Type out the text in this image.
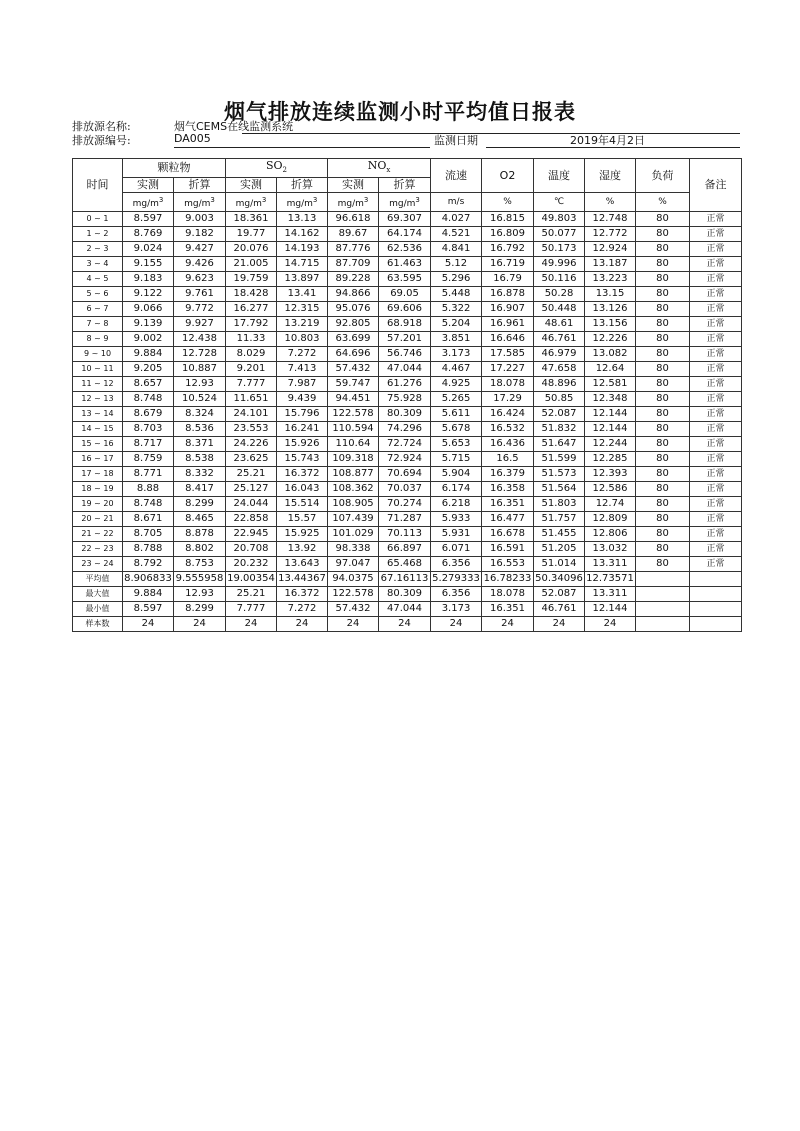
烟气排放连续监测小时平均值日报表
排放源名称:	烟气CEMS在线监测系统
排放源编号:	DA005	监测日期	2019年4月2日
时间	颗粒物		$SO_2$		$NO_x$		流速	O2	温度	湿度	负荷	备注
	实测	折算	实测	折算	实测	折算						
	$mg/m^3$	$mg/m^3$	$mg/m^3$	$mg/m^3$	$mg/m^3$	$mg/m^3$	m/s	%	℃	%	%	
0 ~ 1	8.597	9.003	18.361	13.13	96.618	69.307	4.027	16.815	49.803	12.748	80	正常
1 ~ 2	8.769	9.182	19.77	14.162	89.67	64.174	4.521	16.809	50.077	12.772	80	正常
2 ~ 3	9.024	9.427	20.076	14.193	87.776	62.536	4.841	16.792	50.173	12.924	80	正常
3 ~ 4	9.155	9.426	21.005	14.715	87.709	61.463	5.12	16.719	49.996	13.187	80	正常
4 ~ 5	9.183	9.623	19.759	13.897	89.228	63.595	5.296	16.79	50.116	13.223	80	正常
5 ~ 6	9.122	9.761	18.428	13.41	94.866	69.05	5.448	16.878	50.28	13.15	80	正常
6 ~ 7	9.066	9.772	16.277	12.315	95.076	69.606	5.322	16.907	50.448	13.126	80	正常
7 ~ 8	9.139	9.927	17.792	13.219	92.805	68.918	5.204	16.961	48.61	13.156	80	正常
8 ~ 9	9.002	12.438	11.33	10.803	63.699	57.201	3.851	16.646	46.761	12.226	80	正常
9 ~ 10	9.884	12.728	8.029	7.272	64.696	56.746	3.173	17.585	46.979	13.082	80	正常
10 ~ 11	9.205	10.887	9.201	7.413	57.432	47.044	4.467	17.227	47.658	12.64	80	正常
11 ~ 12	8.657	12.93	7.777	7.987	59.747	61.276	4.925	18.078	48.896	12.581	80	正常
12 ~ 13	8.748	10.524	11.651	9.439	94.451	75.928	5.265	17.29	50.85	12.348	80	正常
13 ~ 14	8.679	8.324	24.101	15.796	122.578	80.309	5.611	16.424	52.087	12.144	80	正常
14 ~ 15	8.703	8.536	23.553	16.241	110.594	74.296	5.678	16.532	51.832	12.144	80	正常
15 ~ 16	8.717	8.371	24.226	15.926	110.64	72.724	5.653	16.436	51.647	12.244	80	正常
16 ~ 17	8.759	8.538	23.625	15.743	109.318	72.924	5.715	16.5	51.599	12.285	80	正常
17 ~ 18	8.771	8.332	25.21	16.372	108.877	70.694	5.904	16.379	51.573	12.393	80	正常
18 ~ 19	8.88	8.417	25.127	16.043	108.362	70.037	6.174	16.358	51.564	12.586	80	正常
19 ~ 20	8.748	8.299	24.044	15.514	108.905	70.274	6.218	16.351	51.803	12.74	80	正常
20 ~ 21	8.671	8.465	22.858	15.57	107.439	71.287	5.933	16.477	51.757	12.809	80	正常
21 ~ 22	8.705	8.878	22.945	15.925	101.029	70.113	5.931	16.678	51.455	12.806	80	正常
22 ~ 23	8.788	8.802	20.708	13.92	98.338	66.897	6.071	16.591	51.205	13.032	80	正常
23 ~ 24	8.792	8.753	20.232	13.643	97.047	65.468	6.356	16.553	51.014	13.311	80	正常
平均值	8.906833	9.555958	19.00354	13.44367	94.0375	67.16113	5.279333	16.78233	50.34096	12.73571		
最大值	9.884	12.93	25.21	16.372	122.578	80.309	6.356	18.078	52.087	13.311		
最小值	8.597	8.299	7.777	7.272	57.432	47.044	3.173	16.351	46.761	12.144		
样本数	24	24	24	24	24	24	24	24	24	24		
